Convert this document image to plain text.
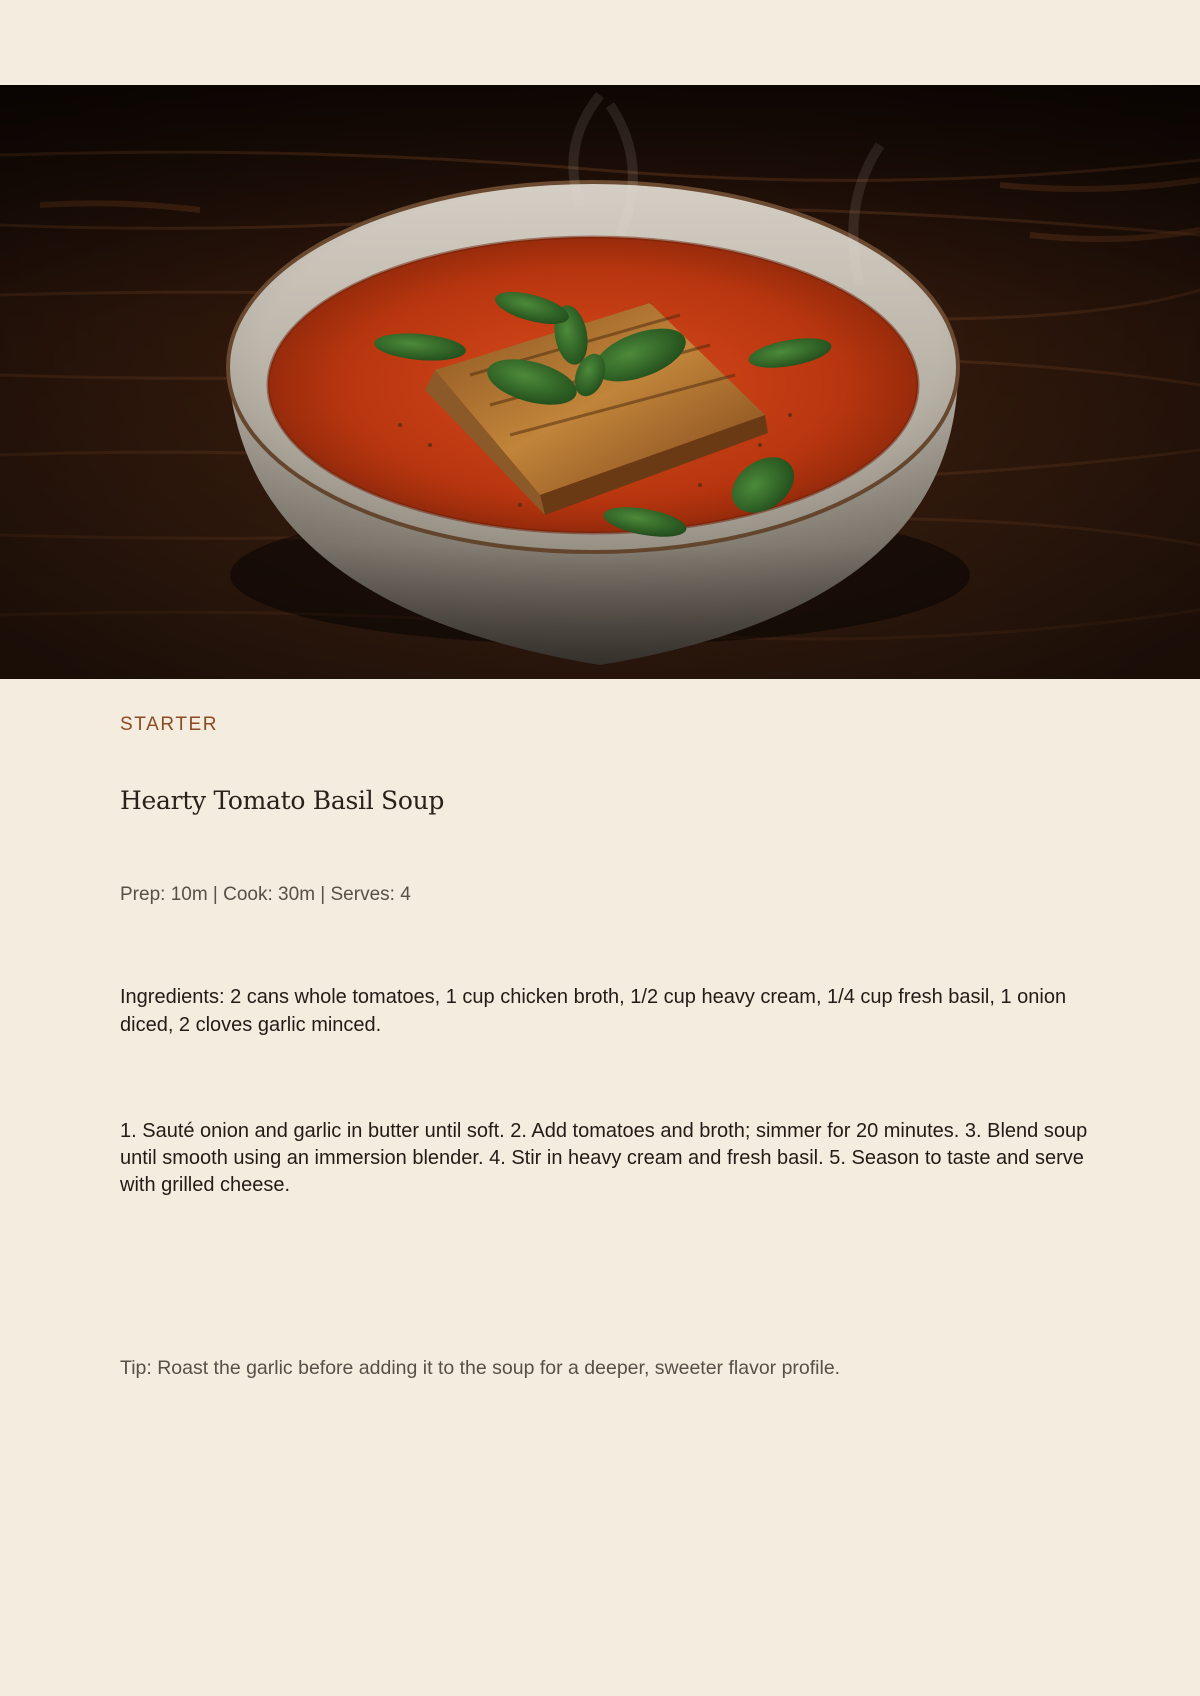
STARTER
Hearty Tomato Basil Soup
Prep: 10m | Cook: 30m | Serves: 4
Ingredients: 2 cans whole tomatoes, 1 cup chicken broth, 1/2 cup heavy cream, 1/4 cup fresh basil, 1 onion diced, 2 cloves garlic minced.
1. Sauté onion and garlic in butter until soft. 2. Add tomatoes and broth; simmer for 20 minutes. 3. Blend soup until smooth using an immersion blender. 4. Stir in heavy cream and fresh basil. 5. Season to taste and serve with grilled cheese.
Tip: Roast the garlic before adding it to the soup for a deeper, sweeter flavor profile.
